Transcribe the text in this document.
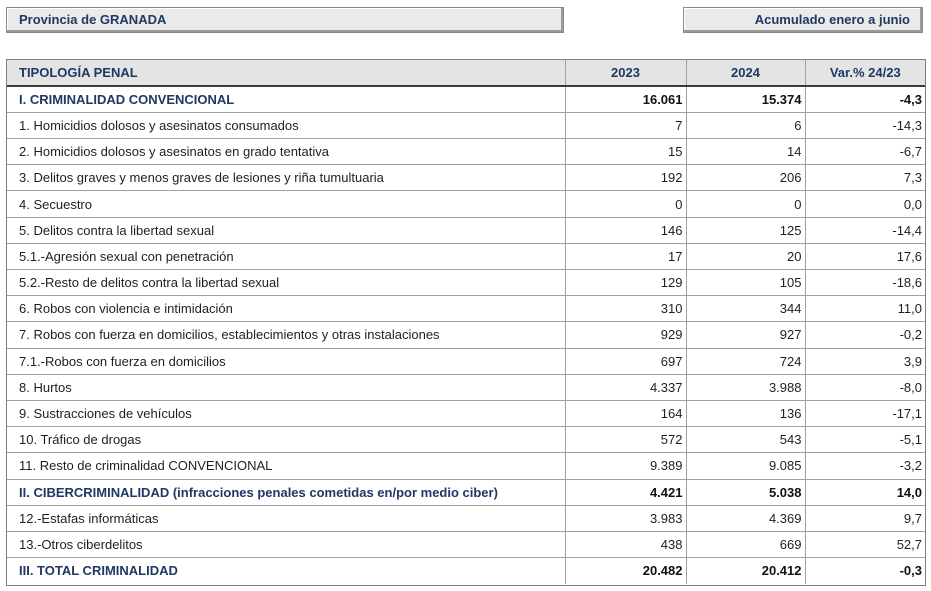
Provincia de GRANADA	Acumulado enero a junio
TIPOLOGÍA PENAL	2023	2024	Var.% 24/23
I. CRIMINALIDAD CONVENCIONAL	16.061	15.374	-4,3
1. Homicidios dolosos y asesinatos consumados	7	6	-14,3
2. Homicidios dolosos y asesinatos en grado tentativa	15	14	-6,7
3. Delitos graves y menos graves de lesiones y riña tumultuaria	192	206	7,3
4. Secuestro	0	0	0,0
5. Delitos contra la libertad sexual	146	125	-14,4
5.1.-Agresión sexual con penetración	17	20	17,6
5.2.-Resto de delitos contra la libertad sexual	129	105	-18,6
6. Robos con violencia e intimidación	310	344	11,0
7. Robos con fuerza en domicilios, establecimientos y otras instalaciones	929	927	-0,2
7.1.-Robos con fuerza en domicilios	697	724	3,9
8. Hurtos	4.337	3.988	-8,0
9. Sustracciones de vehículos	164	136	-17,1
10. Tráfico de drogas	572	543	-5,1
11. Resto de criminalidad CONVENCIONAL	9.389	9.085	-3,2
II. CIBERCRIMINALIDAD (infracciones penales cometidas en/por medio ciber)	4.421	5.038	14,0
12.-Estafas informáticas	3.983	4.369	9,7
13.-Otros ciberdelitos	438	669	52,7
III. TOTAL CRIMINALIDAD	20.482	20.412	-0,3
